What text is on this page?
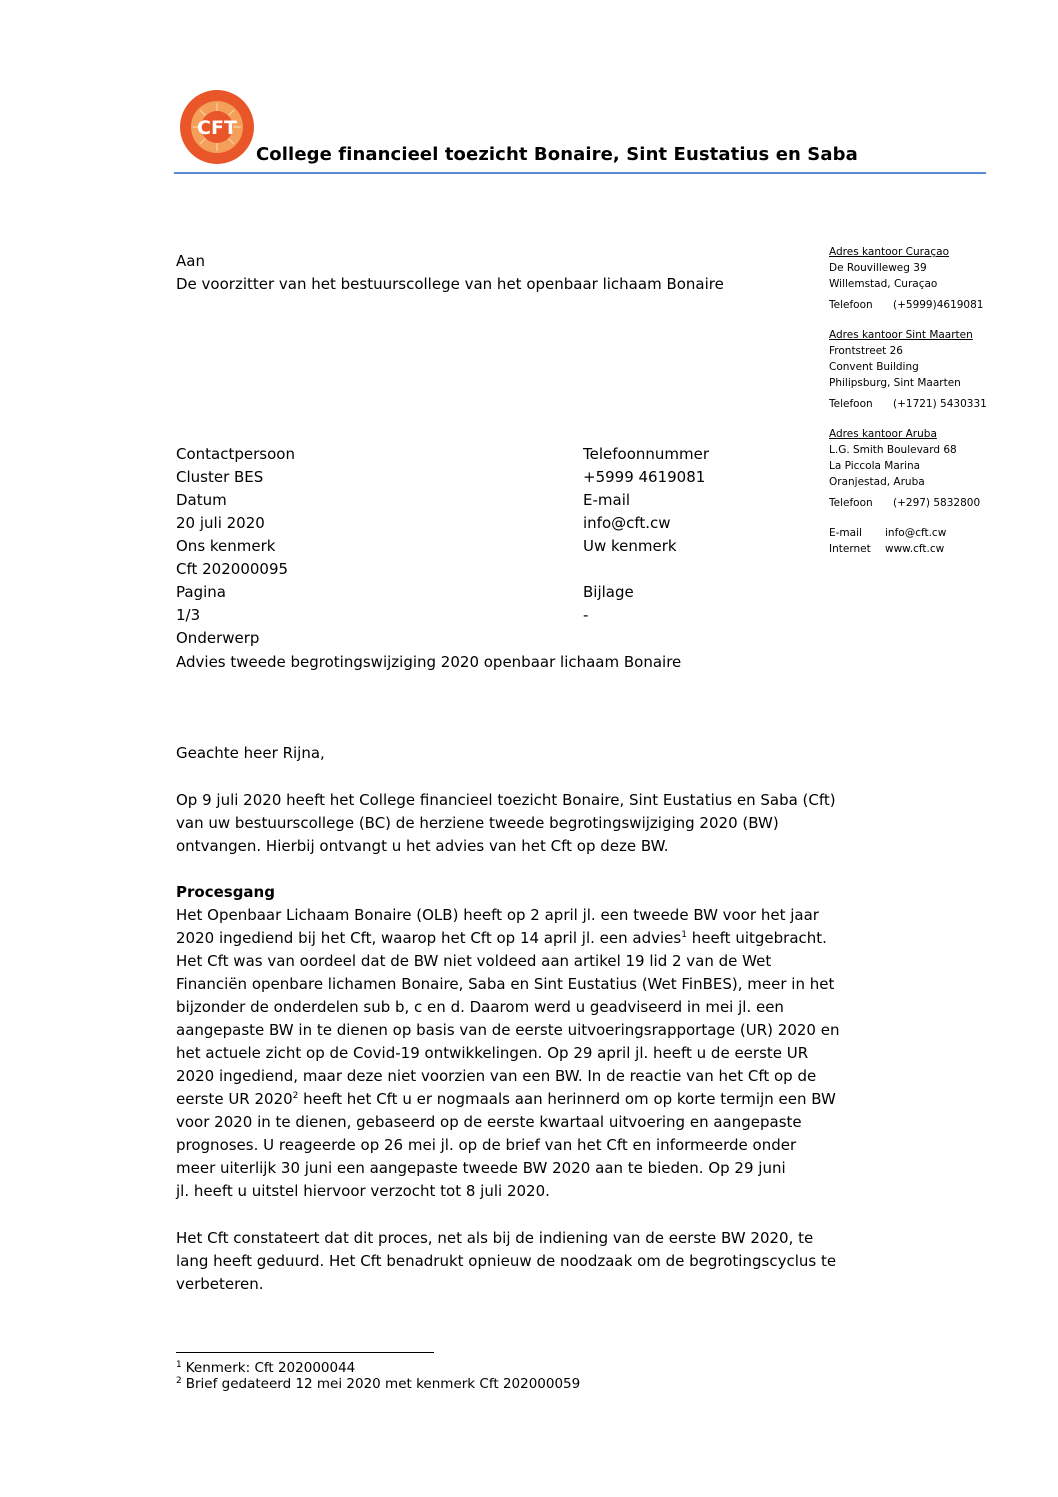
CFT
College financieel toezicht Bonaire, Sint Eustatius en Saba
Aan
De voorzitter van het bestuurscollege van het openbaar lichaam Bonaire
Adres kantoor Curaçao
De Rouvilleweg 39
Willemstad, Curaçao
Telefoon (+5999)4619081
Adres kantoor Sint Maarten
Frontstreet 26
Convent Building
Philipsburg, Sint Maarten
Telefoon (+1721) 5430331
Adres kantoor Aruba
L.G. Smith Boulevard 68
La Piccola Marina
Oranjestad, Aruba
Telefoon (+297) 5832800
E-mail info@cft.cw
Internet www.cft.cw
Contactpersoon
Cluster BES
Datum
20 juli 2020
Ons kenmerk
Cft 202000095
Pagina
1/3
Onderwerp
Telefoonnummer
+5999 4619081
E-mail
info@cft.cw
Uw kenmerk
Bijlage
-
Advies tweede begrotingswijziging 2020 openbaar lichaam Bonaire
Geachte heer Rijna,
Op 9 juli 2020 heeft het College financieel toezicht Bonaire, Sint Eustatius en Saba (Cft)
van uw bestuurscollege (BC) de herziene tweede begrotingswijziging 2020 (BW)
ontvangen. Hierbij ontvangt u het advies van het Cft op deze BW.
Procesgang
Het Openbaar Lichaam Bonaire (OLB) heeft op 2 april jl. een tweede BW voor het jaar
2020 ingediend bij het Cft, waarop het Cft op 14 april jl. een advies$^1$ heeft uitgebracht.
Het Cft was van oordeel dat de BW niet voldeed aan artikel 19 lid 2 van de Wet
Financiën openbare lichamen Bonaire, Saba en Sint Eustatius (Wet FinBES), meer in het
bijzonder de onderdelen sub b, c en d. Daarom werd u geadviseerd in mei jl. een
aangepaste BW in te dienen op basis van de eerste uitvoeringsrapportage (UR) 2020 en
het actuele zicht op de Covid-19 ontwikkelingen. Op 29 april jl. heeft u de eerste UR
2020 ingediend, maar deze niet voorzien van een BW. In de reactie van het Cft op de
eerste UR 2020$^2$ heeft het Cft u er nogmaals aan herinnerd om op korte termijn een BW
voor 2020 in te dienen, gebaseerd op de eerste kwartaal uitvoering en aangepaste
prognoses. U reageerde op 26 mei jl. op de brief van het Cft en informeerde onder
meer uiterlijk 30 juni een aangepaste tweede BW 2020 aan te bieden. Op 29 juni
jl. heeft u uitstel hiervoor verzocht tot 8 juli 2020.
Het Cft constateert dat dit proces, net als bij de indiening van de eerste BW 2020, te
lang heeft geduurd. Het Cft benadrukt opnieuw de noodzaak om de begrotingscyclus te
verbeteren.
$^1$ Kenmerk: Cft 202000044
$^2$ Brief gedateerd 12 mei 2020 met kenmerk Cft 202000059
